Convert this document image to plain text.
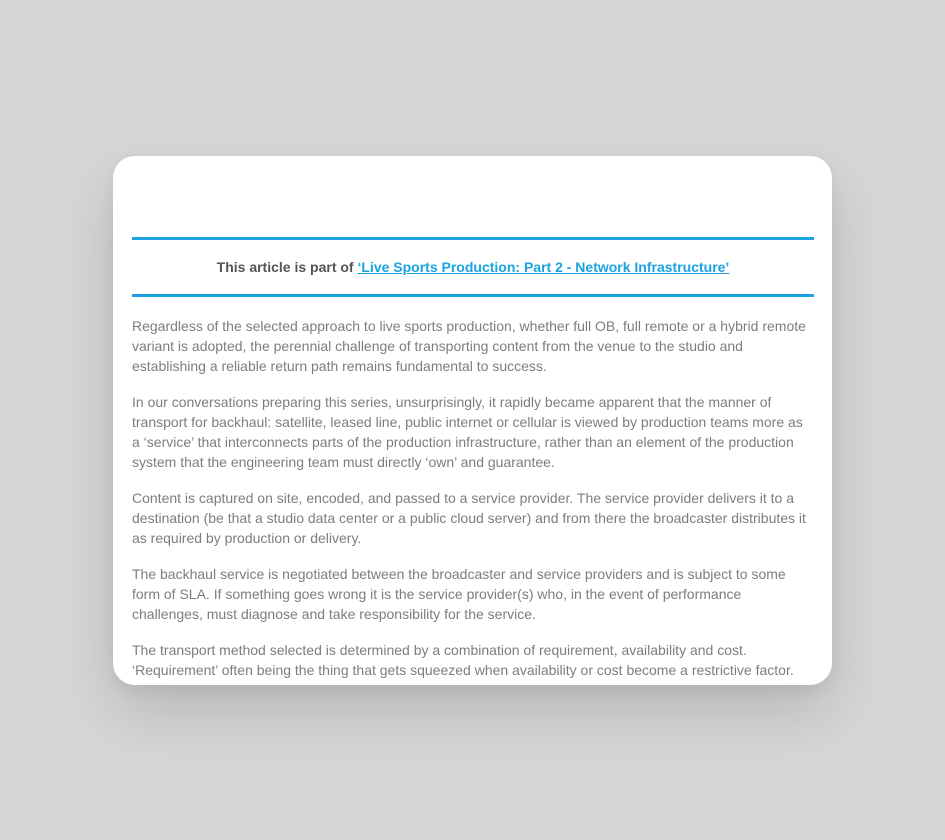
This article is part of ‘Live Sports Production: Part 2 - Network Infrastructure’

Regardless of the selected approach to live sports production, whether full OB, full remote or a hybrid remote variant is adopted, the perennial challenge of transporting content from the venue to the studio and establishing a reliable return path remains fundamental to success.

In our conversations preparing this series, unsurprisingly, it rapidly became apparent that the manner of transport for backhaul: satellite, leased line, public internet or cellular is viewed by production teams more as a ‘service’ that interconnects parts of the production infrastructure, rather than an element of the production system that the engineering team must directly ‘own’ and guarantee.

Content is captured on site, encoded, and passed to a service provider. The service provider delivers it to a destination (be that a studio data center or a public cloud server) and from there the broadcaster distributes it as required by production or delivery.

The backhaul service is negotiated between the broadcaster and service providers and is subject to some form of SLA. If something goes wrong it is the service provider(s) who, in the event of performance challenges, must diagnose and take responsibility for the service.

The transport method selected is determined by a combination of requirement, availability and cost. ‘Requirement’ often being the thing that gets squeezed when availability or cost become a restrictive factor.
